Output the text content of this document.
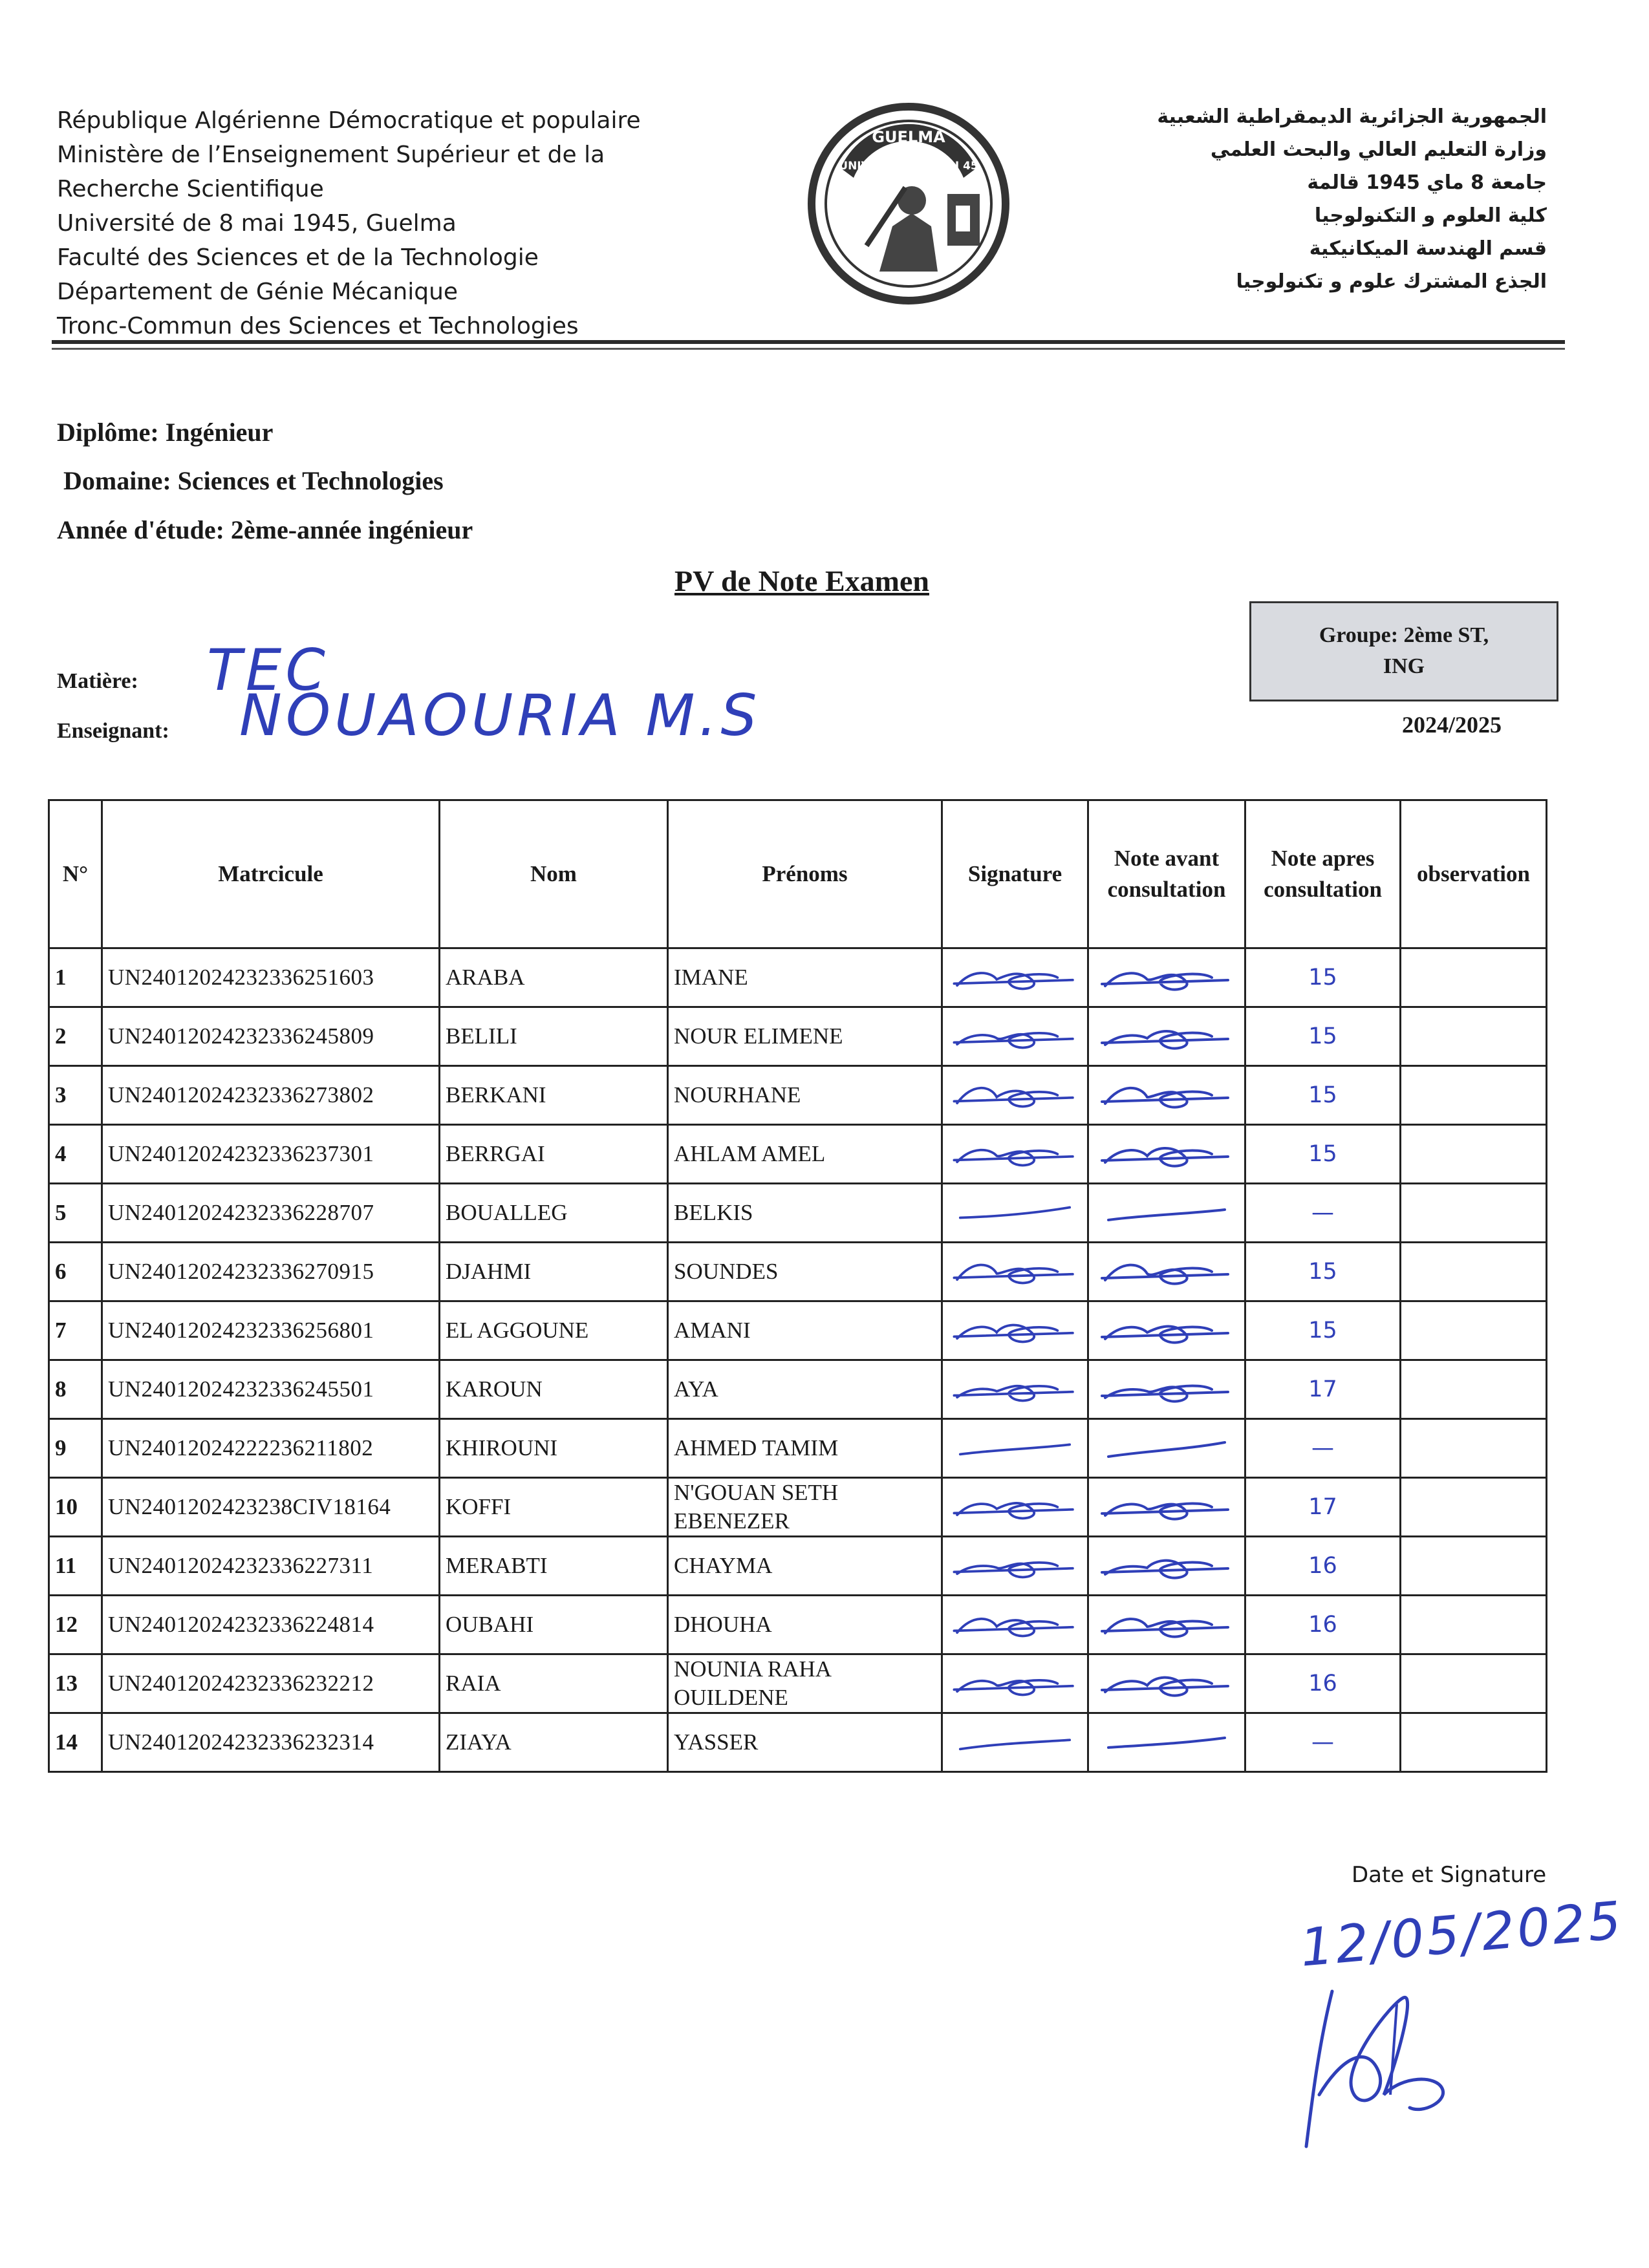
République Algérienne Démocratique et populaire
Ministère de l’Enseignement Supérieur et de la
Recherche Scientifique
Université de 8 mai 1945, Guelma
Faculté des Sciences et de la Technologie
Département de Génie Mécanique
Tronc-Commun des Sciences et Technologies
GUELMA
UNIVERSITE 08 MAI 45
الجمهورية الجزائرية الديمقراطية الشعبية
وزارة التعليم العالي والبحث العلمي
جامعة 8 ماي 1945 قالمة
كلية العلوم و التكنولوجيا
قسم الهندسة الميكانيكية
الجذع المشترك علوم و تكنولوجيا
Diplôme: Ingénieur
Domaine: Sciences et Technologies
Année d'étude: 2ème-année ingénieur
PV de Note Examen
Matière: TEC
Enseignant: NOUAOURIA M.S
Groupe: 2ème ST,
ING
2024/2025
N°	Matrcicule	Nom	Prénoms	Signature	Note avant consultation	Note apres consultation	observation
1	UN24012024232336251603	ARABA	IMANE			15	
2	UN24012024232336245809	BELILI	NOUR ELIMENE			15	
3	UN24012024232336273802	BERKANI	NOURHANE			15	
4	UN24012024232336237301	BERRGAI	AHLAM AMEL			15	
5	UN24012024232336228707	BOUALLEG	BELKIS			—	
6	UN24012024232336270915	DJAHMI	SOUNDES			15	
7	UN24012024232336256801	EL AGGOUNE	AMANI			15	
8	UN24012024232336245501	KAROUN	AYA			17	
9	UN24012024222236211802	KHIROUNI	AHMED TAMIM			—	
10	UN2401202423238CIV18164	KOFFI	N'GOUAN SETH EBENEZER			17	
11	UN24012024232336227311	MERABTI	CHAYMA			16	
12	UN24012024232336224814	OUBAHI	DHOUHA			16	
13	UN24012024232336232212	RAIA	NOUNIA RAHA OUILDENE			16	
14	UN24012024232336232314	ZIAYA	YASSER			—	
Date et Signature
12/05/2025
